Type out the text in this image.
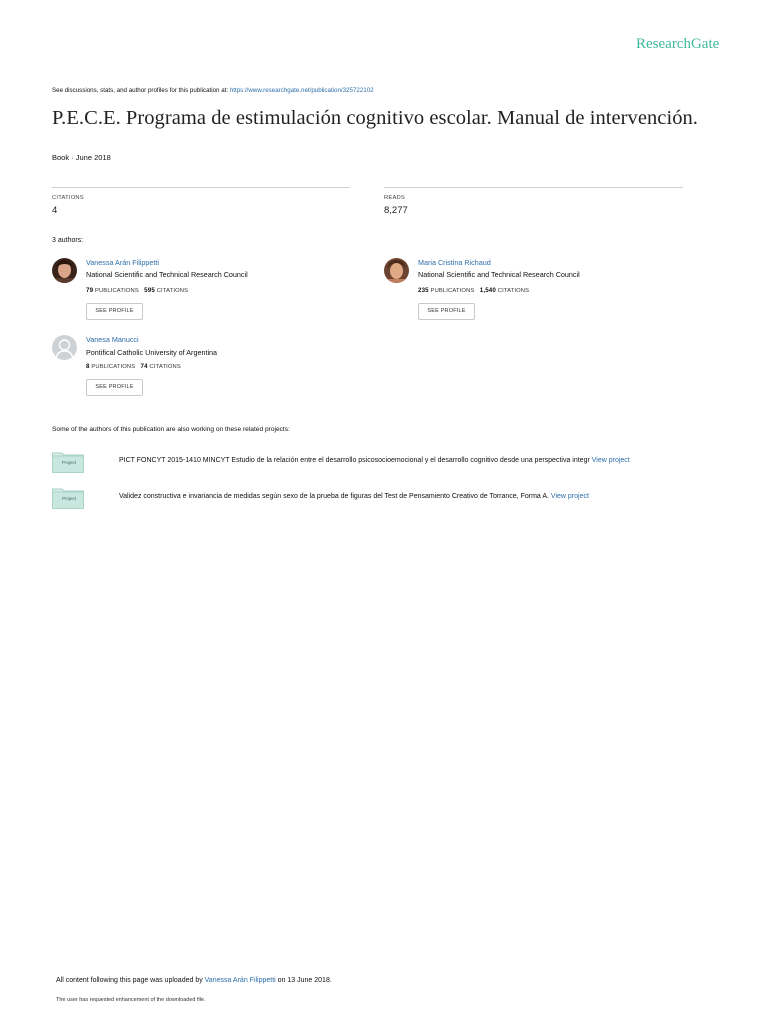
ResearchGate
See discussions, stats, and author profiles for this publication at: https://www.researchgate.net/publication/325722102
P.E.C.E. Programa de estimulación cognitivo escolar. Manual de intervención.
Book · June 2018
CITATIONS
4
READS
8,277
3 authors:
Vanessa Arán Filippetti
National Scientific and Technical Research Council
79 PUBLICATIONS 595 CITATIONS
SEE PROFILE
Maria Cristina Richaud
National Scientific and Technical Research Council
235 PUBLICATIONS 1,540 CITATIONS
SEE PROFILE
Vanesa Manucci
Pontifical Catholic University of Argentina
8 PUBLICATIONS 74 CITATIONS
SEE PROFILE
Some of the authors of this publication are also working on these related projects:
Project	PICT FONCYT 2015-1410 MINCYT Estudio de la relación entre el desarrollo psicosocioemocional y el desarrollo cognitivo desde una perspectiva integr View project
Project	Validez constructiva e invariancia de medidas según sexo de la prueba de figuras del Test de Pensamiento Creativo de Torrance, Forma A. View project
All content following this page was uploaded by Vanessa Arán Filippetti on 13 June 2018.
The user has requested enhancement of the downloaded file.
